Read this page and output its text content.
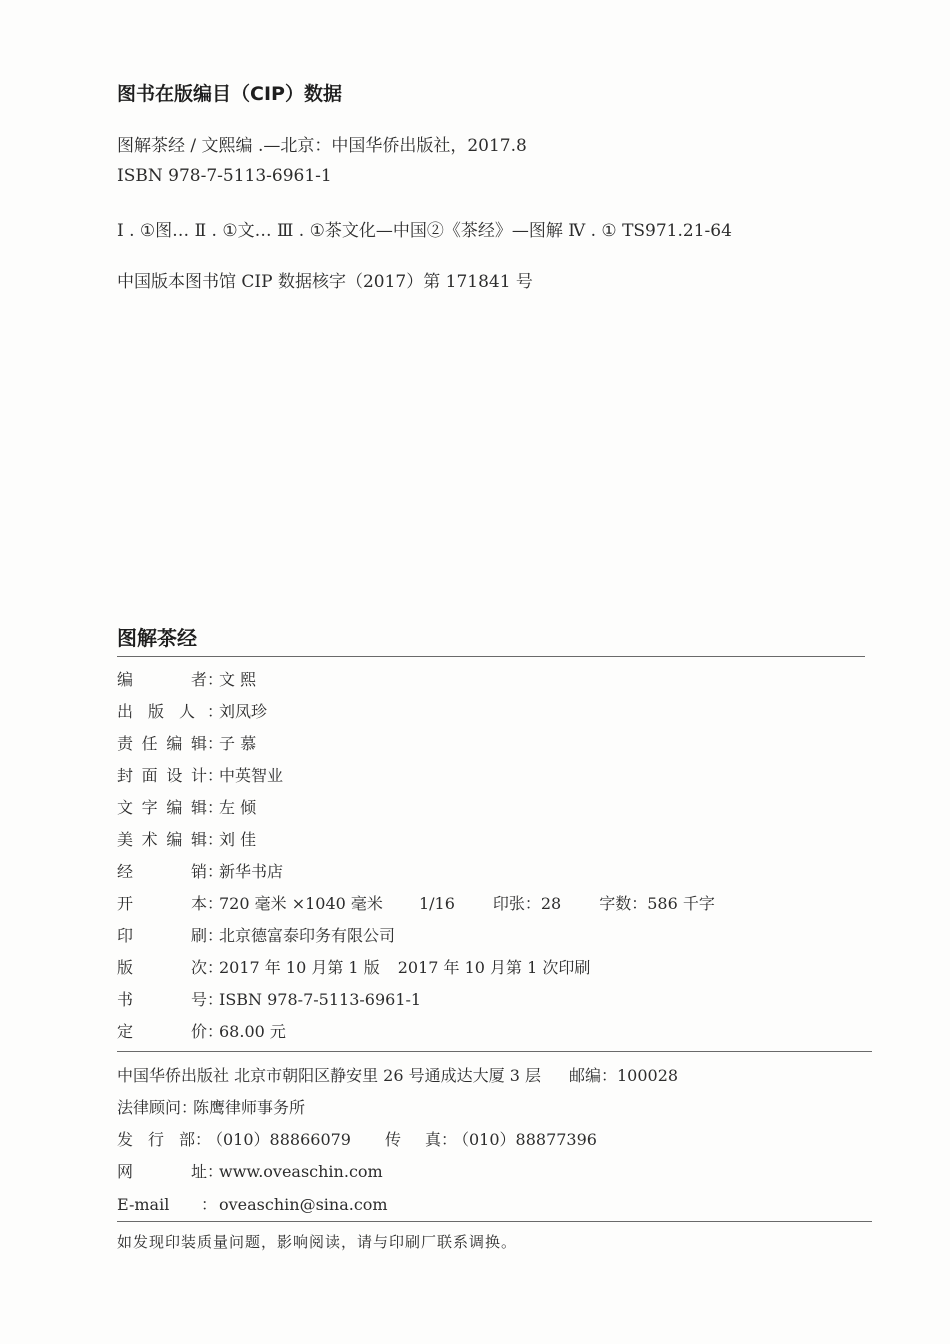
图书在版编目（CIP）数据
图解茶经 / 文熙编 .—北京：中国华侨出版社，2017.8
ISBN 978-7-5113-6961-1
Ⅰ . ①图… Ⅱ . ①文… Ⅲ . ①茶文化—中国②《茶经》—图解 Ⅳ . ① TS971.21-64
中国版本图书馆 CIP 数据核字（2017）第 171841 号
图解茶经
编者 ：
文 熙
出版人 ：
刘凤珍
责任编辑 ：
子 慕
封面设计 ：
中英智业
文字编辑 ：
左 倾
美术编辑 ：
刘 佳
经销 ：
新华书店
开本 ：
720 毫米 ×1040 毫米 1/16 印张：28 字数：586 千字
印刷 ：
北京德富泰印务有限公司
版次 ：
2017 年 10 月第 1 版 2017 年 10 月第 1 次印刷
书号 ：
ISBN 978-7-5113-6961-1
定价 ：
68.00 元
中国华侨出版社 北京市朝阳区静安里 26 号通成达大厦 3 层 邮编：100028
法律顾问 ：
陈鹰律师事务所
发行部 ：
（010）88866079 传 真 ：
（010）88877396
网址 ：
www.oveaschin.com
E-mail	： oveaschin@sina.com
如发现印装质量问题，影响阅读，请与印刷厂联系调换。
